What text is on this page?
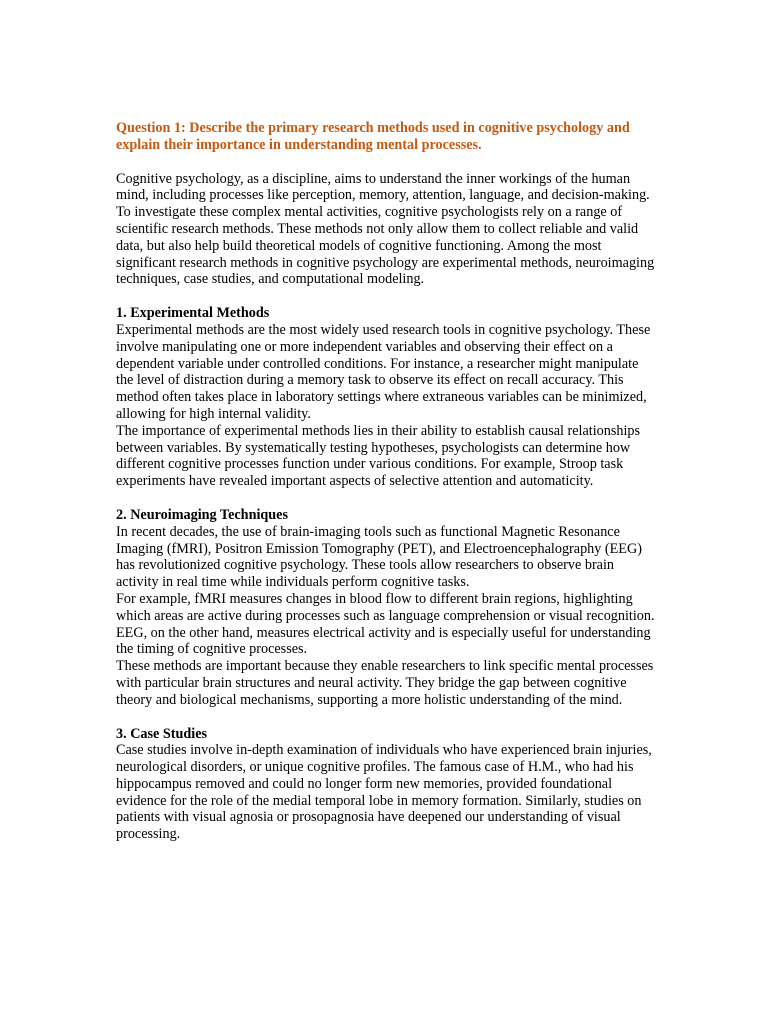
Question 1: Describe the primary research methods used in cognitive psychology and explain their importance in understanding mental processes.

Cognitive psychology, as a discipline, aims to understand the inner workings of the human mind, including processes like perception, memory, attention, language, and decision-making. To investigate these complex mental activities, cognitive psychologists rely on a range of scientific research methods. These methods not only allow them to collect reliable and valid data, but also help build theoretical models of cognitive functioning. Among the most significant research methods in cognitive psychology are experimental methods, neuroimaging techniques, case studies, and computational modeling.

1. Experimental Methods

Experimental methods are the most widely used research tools in cognitive psychology. These involve manipulating one or more independent variables and observing their effect on a dependent variable under controlled conditions. For instance, a researcher might manipulate the level of distraction during a memory task to observe its effect on recall accuracy. This method often takes place in laboratory settings where extraneous variables can be minimized, allowing for high internal validity.

The importance of experimental methods lies in their ability to establish causal relationships between variables. By systematically testing hypotheses, psychologists can determine how different cognitive processes function under various conditions. For example, Stroop task experiments have revealed important aspects of selective attention and automaticity.

2. Neuroimaging Techniques

In recent decades, the use of brain-imaging tools such as functional Magnetic Resonance Imaging (fMRI), Positron Emission Tomography (PET), and Electroencephalography (EEG) has revolutionized cognitive psychology. These tools allow researchers to observe brain activity in real time while individuals perform cognitive tasks.

For example, fMRI measures changes in blood flow to different brain regions, highlighting which areas are active during processes such as language comprehension or visual recognition. EEG, on the other hand, measures electrical activity and is especially useful for understanding the timing of cognitive processes.

These methods are important because they enable researchers to link specific mental processes with particular brain structures and neural activity. They bridge the gap between cognitive theory and biological mechanisms, supporting a more holistic understanding of the mind.

3. Case Studies

Case studies involve in-depth examination of individuals who have experienced brain injuries, neurological disorders, or unique cognitive profiles. The famous case of H.M., who had his hippocampus removed and could no longer form new memories, provided foundational evidence for the role of the medial temporal lobe in memory formation. Similarly, studies on patients with visual agnosia or prosopagnosia have deepened our understanding of visual processing.
